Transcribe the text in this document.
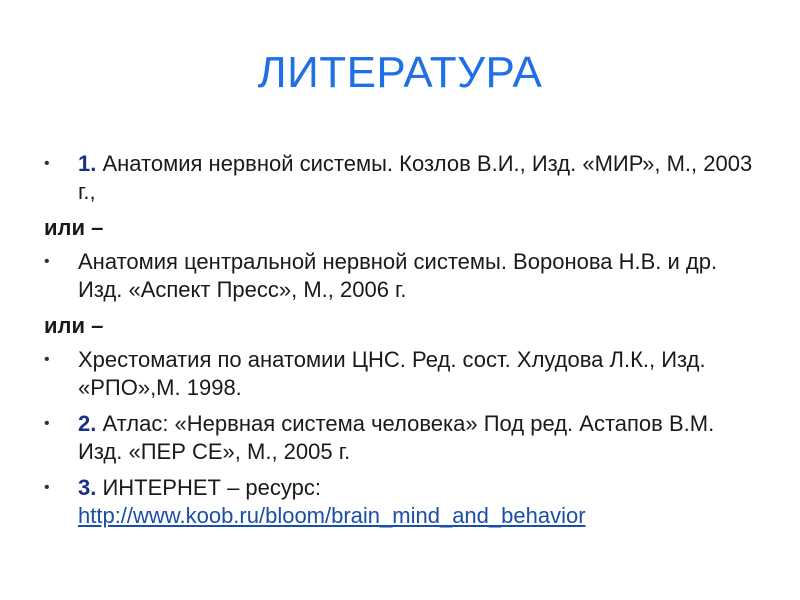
ЛИТЕРАТУРА
• 1. Анатомия нервной системы. Козлов В.И., Изд. «МИР», М., 2003 г.,
или –
• Анатомия центральной нервной системы. Воронова Н.В. и др. Изд. «Аспект Пресс», М., 2006 г.
или –
• Хрестоматия по анатомии ЦНС. Ред. сост. Хлудова Л.К., Изд. «РПО»,М. 1998.
• 2. Атлас: «Нервная система человека» Под ред. Астапов В.М. Изд. «ПЕР СЕ», М., 2005 г.
• 3. ИНТЕРНЕТ – ресурс:
http://www.koob.ru/bloom/brain_mind_and_behavior
